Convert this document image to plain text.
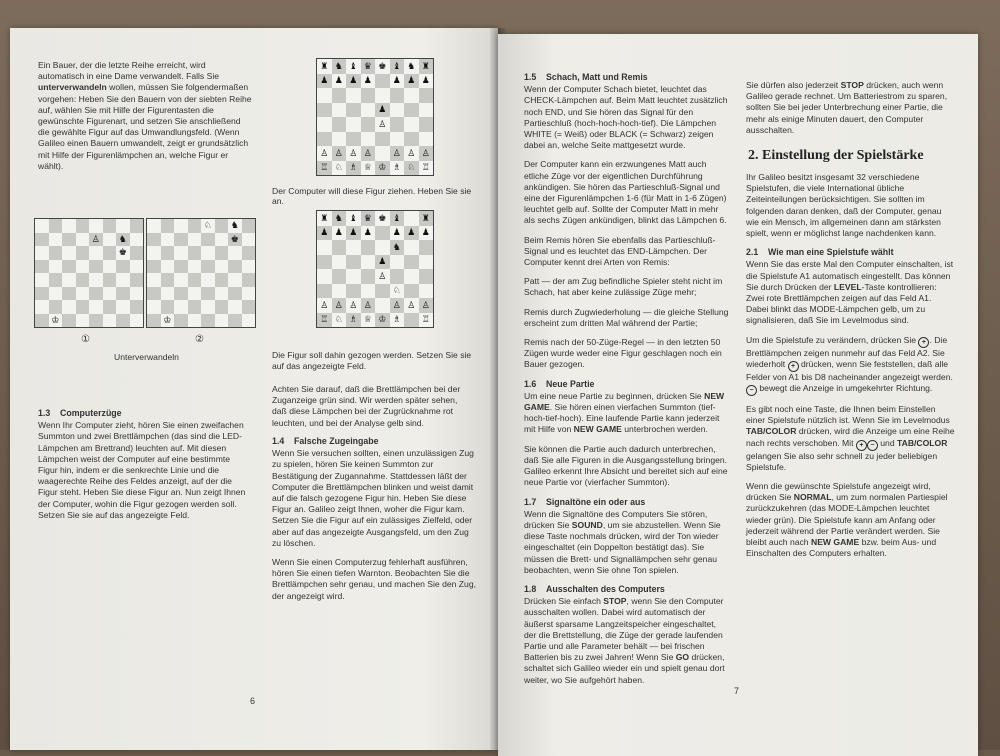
Ein Bauer, der die letzte Reihe erreicht, wird automatisch in eine Dame verwandelt. Falls Sie unterverwandeln wollen, müssen Sie folgendermaßen vorgehen: Heben Sie den Bauern von der siebten Reihe auf, wählen Sie mit Hilfe der Figurentasten die gewünschte Figurenart, und setzen Sie anschließend die gewählte Figur auf das Umwandlungsfeld. (Wenn Galileo einen Bauern umwandelt, zeigt er grundsätzlich mit Hilfe der Figurenlämpchen an, welche Figur er wählt).
♜ ♞ ♝ ♛ ♚ ♝ ♞ ♜
♟ ♟ ♟ ♟	♟ ♟ ♟
♟
♙
♙ ♙ ♙ ♙	♙ ♙ ♙
♖ ♘ ♗ ♕ ♔ ♗ ♘ ♖
Der Computer will diese Figur ziehen. Heben Sie sie an.
♜ ♞ ♝ ♛ ♚ ♝	♜
♟ ♟ ♟ ♟	♟ ♟ ♟
♞
♟
♙
♘
♙ ♙ ♙ ♙	♙ ♙ ♙
♖ ♘ ♗ ♕ ♔ ♗	♖
♙	♞
♚
♔
♘	♞
♚
♔
①	②
Unterverwandeln	Die Figur soll dahin gezogen werden. Setzen Sie sie auf das angezeigte Feld.
Achten Sie darauf, daß die Brettlämpchen bei der Zuganzeige grün sind. Wir werden später sehen, daß diese Lämpchen bei der Zugrücknahme rot leuchten, und bei der Analyse gelb sind.
1.3 Computerzüge
Wenn Ihr Computer zieht, hören Sie einen zweifachen Summton und zwei Brettlämpchen (das sind die LED-Lämpchen am Brettrand) leuchten auf. Mit diesen Lämpchen weist der Computer auf eine bestimmte Figur hin, indem er die senkrechte Linie und die waagerechte Reihe des Feldes anzeigt, auf der die Figur steht. Heben Sie diese Figur an. Nun zeigt Ihnen der Computer, wohin die Figur gezogen werden soll. Setzen Sie sie auf das angezeigte Feld.
1.4 Falsche Zugeingabe

Wenn Sie versuchen sollten, einen unzulässigen Zug zu spielen, hören Sie keinen Summton zur Bestätigung der Zugannahme. Stattdessen läßt der Computer die Brettlämpchen blinken und weist damit auf die falsch gezogene Figur hin. Heben Sie diese Figur an. Galileo zeigt Ihnen, woher die Figur kam. Setzen Sie die Figur auf ein zulässiges Zielfeld, oder aber auf das angezeigte Ausgangsfeld, um den Zug zu löschen.

Wenn Sie einen Computerzug fehlerhaft ausführen, hören Sie einen tiefen Warnton. Beobachten Sie die Brettlämpchen sehr genau, und machen Sie den Zug, der angezeigt wird.

6
1.5 Schach, Matt und Remis

Wenn der Computer Schach bietet, leuchtet das CHECK-Lämpchen auf. Beim Matt leuchtet zusätzlich noch END, und Sie hören das Signal für den Partieschluß (hoch-hoch-hoch-tief). Die Lämpchen WHITE (= Weiß) oder BLACK (= Schwarz) zeigen dabei an, welche Seite mattgesetzt wurde.

Der Computer kann ein erzwungenes Matt auch etliche Züge vor der eigentlichen Durchführung ankündigen. Sie hören das Partieschluß-Signal und eine der Figurenlämpchen 1-6 (für Matt in 1-6 Zügen) leuchtet gelb auf. Sollte der Computer Matt in mehr als sechs Zügen ankündigen, blinkt das Lämpchen 6.

Beim Remis hören Sie ebenfalls das Partieschluß-Signal und es leuchtet das END-Lämpchen. Der Computer kennt drei Arten von Remis:

Patt — der am Zug befindliche Spieler steht nicht im Schach, hat aber keine zulässige Züge mehr;

Remis durch Zugwiederholung — die gleiche Stellung erscheint zum dritten Mal während der Partie;

Remis nach der 50-Züge-Regel — in den letzten 50 Zügen wurde weder eine Figur geschlagen noch ein Bauer gezogen.

1.6 Neue Partie

Um eine neue Partie zu beginnen, drücken Sie NEW GAME. Sie hören einen vierfachen Summton (tief-hoch-tief-hoch). Eine laufende Partie kann jederzeit mit Hilfe von NEW GAME unterbrochen werden.

Sie können die Partie auch dadurch unterbrechen, daß Sie alle Figuren in die Ausgangsstellung bringen. Galileo erkennt Ihre Absicht und bereitet sich auf eine neue Partie vor (vierfacher Summton).

1.7 Signaltöne ein oder aus

Wenn die Signaltöne des Computers Sie stören, drücken Sie SOUND, um sie abzustellen. Wenn Sie diese Taste nochmals drücken, wird der Ton wieder eingeschaltet (ein Doppelton bestätigt das). Sie müssen die Brett- und Signallämpchen sehr genau beobachten, wenn Sie ohne Ton spielen.

1.8 Ausschalten des Computers

Drücken Sie einfach STOP, wenn Sie den Computer ausschalten wollen. Dabei wird automatisch der äußerst sparsame Langzeitspeicher eingeschaltet, der die Brettstellung, die Züge der gerade laufenden Partie und alle Parameter behält — bei frischen Batterien bis zu zwei Jahren! Wenn Sie GO drücken, schaltet sich Galileo wieder ein und spielt genau dort weiter, wo Sie aufgehört haben.

Sie dürfen also jederzeit STOP drücken, auch wenn Galileo gerade rechnet. Um Batteriestrom zu sparen, sollten Sie bei jeder Unterbrechung einer Partie, die mehr als einige Minuten dauert, den Computer ausschalten.
2. Einstellung der Spielstärke

Ihr Galileo besitzt insgesamt 32 verschiedene Spielstufen, die viele International übliche Zeiteinteilungen berücksichtigen. Sie sollten im folgenden daran denken, daß der Computer, genau wie ein Mensch, im allgemeinen dann am stärksten spielt, wenn er möglichst lange nachdenken kann.

2.1 Wie man eine Spielstufe wählt

Wenn Sie das erste Mal den Computer einschalten, ist die Spielstufe A1 automatisch eingestellt. Das können Sie durch Drücken der LEVEL-Taste kontrollieren: Zwei rote Brettlämpchen zeigen auf das Feld A1. Dabei blinkt das MODE-Lämpchen gelb, um zu signalisieren, daß Sie im Levelmodus sind.

Um die Spielstufe zu verändern, drücken Sie + . Die Brettlämpchen zeigen nunmehr auf das Feld A2. Sie wiederholt + drücken, wenn Sie feststellen, daß alle Felder von A1 bis D8 nacheinander angezeigt werden. − bewegt die Anzeige in umgekehrter Richtung.

Es gibt noch eine Taste, die Ihnen beim Einstellen einer Spielstufe nützlich ist. Wenn Sie im Levelmodus TAB/COLOR drücken, wird die Anzeige um eine Reihe nach rechts verschoben. Mit + − und TAB/COLOR gelangen Sie also sehr schnell zu jeder beliebigen Spielstufe.

Wenn die gewünschte Spielstufe angezeigt wird, drücken Sie NORMAL, um zum normalen Partiespiel zurückzukehren (das MODE-Lämpchen leuchtet wieder grün). Die Spielstufe kann am Anfang oder jederzeit während der Partie verändert werden. Sie bleibt auch nach NEW GAME bzw. beim Aus- und Einschalten des Computers erhalten.

7
